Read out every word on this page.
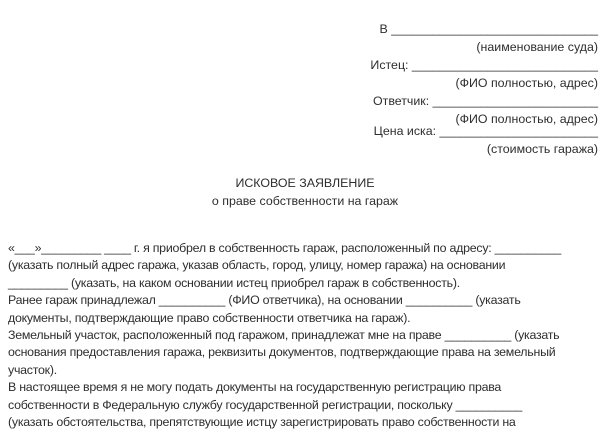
В ______________________________
(наименование суда)
Истец: ___________________________
(ФИО полностью, адрес)
Ответчик: ________________________
(ФИО полностью, адрес)
Цена иска: _______________________
(стоимость гаража)
ИСКОВОЕ ЗАЯВЛЕНИЕ
о праве собственности на гараж
«___»_________ ____ г. я приобрел в собственность гараж, расположенный по адресу: __________
(указать полный адрес гаража, указав область, город, улицу, номер гаража) на основании
_________ (указать, на каком основании истец приобрел гараж в собственность).
Ранее гараж принадлежал __________ (ФИО ответчика), на основании __________ (указать
документы, подтверждающие право собственности ответчика на гараж).
Земельный участок, расположенный под гаражом, принадлежат мне на праве __________ (указать
основания предоставления гаража, реквизиты документов, подтверждающие права на земельный
участок).
В настоящее время я не могу подать документы на государственную регистрацию права
собственности в Федеральную службу государственной регистрации, поскольку __________
(указать обстоятельства, препятствующие истцу зарегистрировать право собственности на
